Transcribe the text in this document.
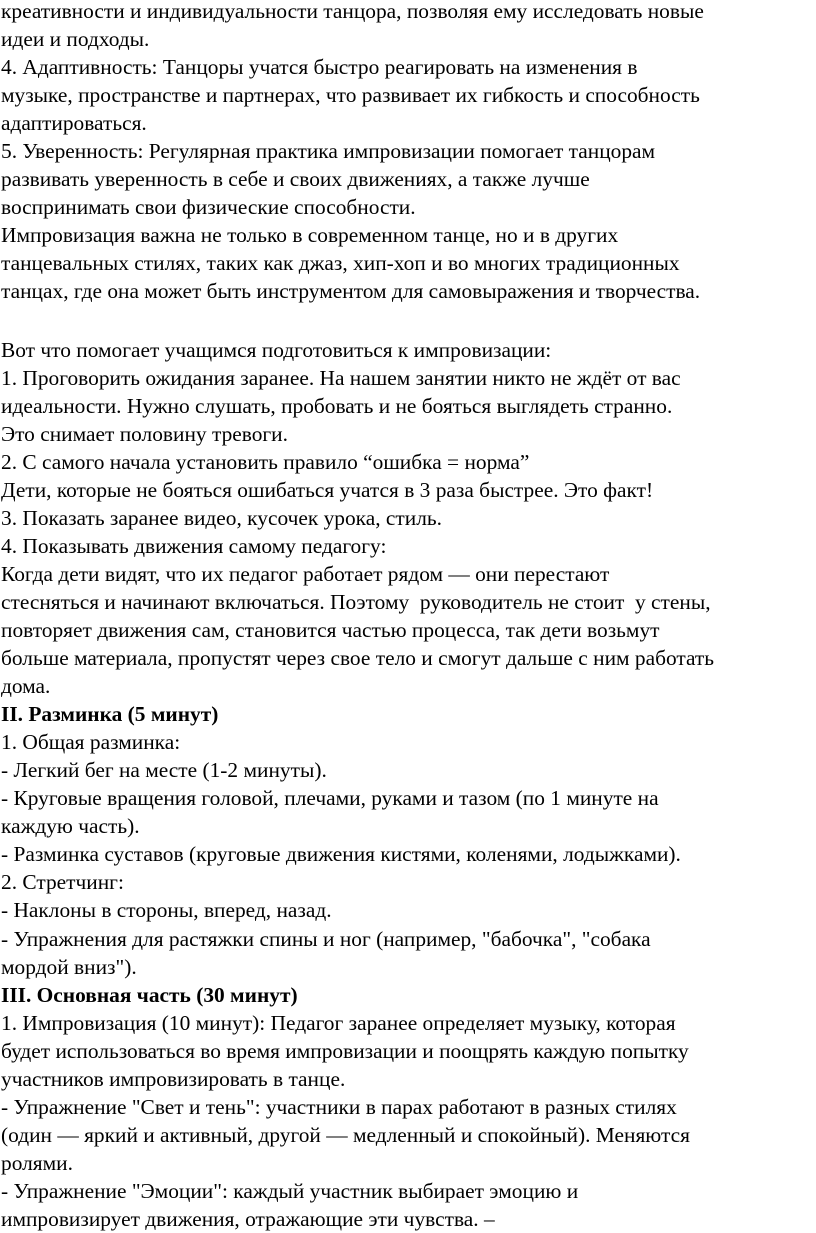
креативности и индивидуальности танцора, позволяя ему исследовать новые
идеи и подходы.
4. Адаптивность: Танцоры учатся быстро реагировать на изменения в
музыке, пространстве и партнерах, что развивает их гибкость и способность
адаптироваться.
5. Уверенность: Регулярная практика импровизации помогает танцорам
развивать уверенность в себе и своих движениях, а также лучше
воспринимать свои физические способности.
Импровизация важна не только в современном танце, но и в других
танцевальных стилях, таких как джаз, хип-хоп и во многих традиционных
танцах, где она может быть инструментом для самовыражения и творчества.
Вот что помогает учащимся подготовиться к импровизации:
1. Проговорить ожидания заранее. На нашем занятии никто не ждёт от вас
идеальности. Нужно слушать, пробовать и не бояться выглядеть странно.
Это снимает половину тревоги.
2. С самого начала установить правило “ошибка = норма”
Дети, которые не бояться ошибаться учатся в 3 раза быстрее. Это факт!
3. Показать заранее видео, кусочек урока, стиль.
4. Показывать движения самому педагогу:
Когда дети видят, что их педагог работает рядом — они перестают
стесняться и начинают включаться. Поэтому  руководитель не стоит  у стены,
повторяет движения сам, становится частью процесса, так дети возьмут
больше материала, пропустят через свое тело и смогут дальше с ним работать
дома.
II. Разминка (5 минут)
1. Общая разминка:
- Легкий бег на месте (1-2 минуты).
- Круговые вращения головой, плечами, руками и тазом (по 1 минуте на
каждую часть).
- Разминка суставов (круговые движения кистями, коленями, лодыжками).
2. Стретчинг:
- Наклоны в стороны, вперед, назад.
- Упражнения для растяжки спины и ног (например, "бабочка", "собака
мордой вниз").
III. Основная часть (30 минут)
1. Импровизация (10 минут): Педагог заранее определяет музыку, которая
будет использоваться во время импровизации и поощрять каждую попытку
участников импровизировать в танце.
- Упражнение "Свет и тень": участники в парах работают в разных стилях
(один — яркий и активный, другой — медленный и спокойный). Меняются
ролями.
- Упражнение "Эмоции": каждый участник выбирает эмоцию и
импровизирует движения, отражающие эти чувства. –
